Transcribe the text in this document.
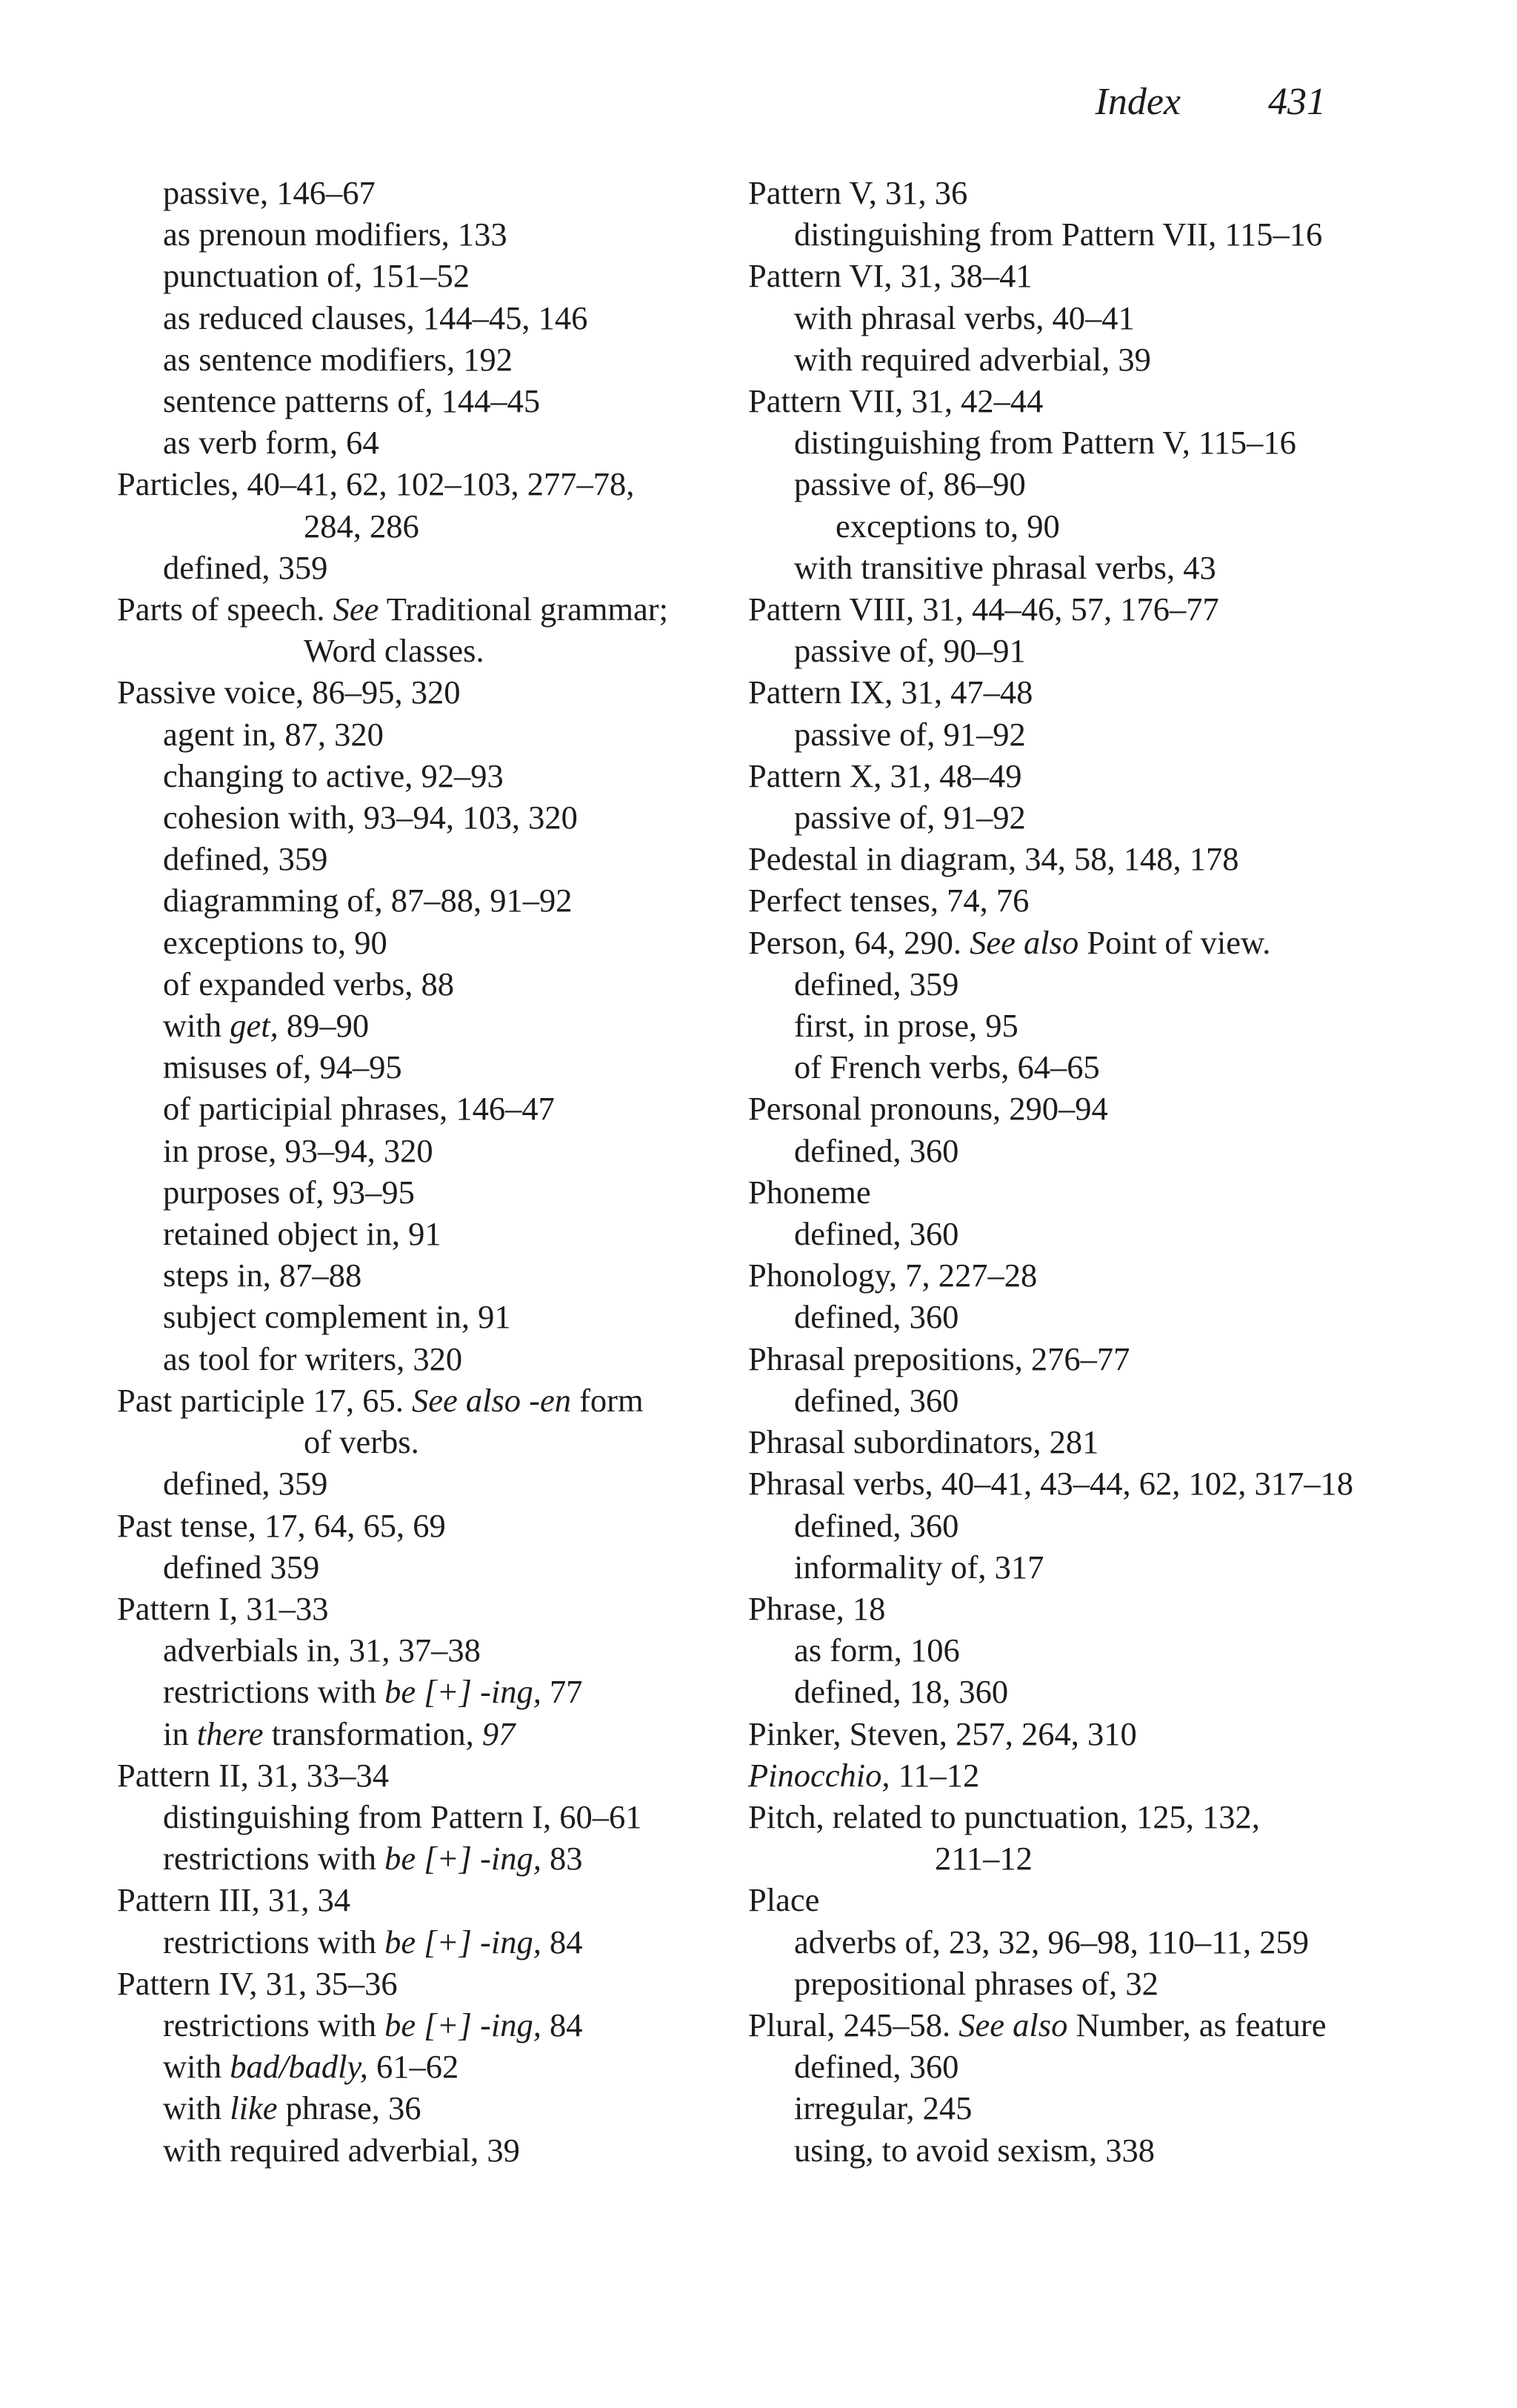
Index 431
passive, 146–67
as prenoun modifiers, 133
punctuation of, 151–52
as reduced clauses, 144–45, 146
as sentence modifiers, 192
sentence patterns of, 144–45
as verb form, 64
Particles, 40–41, 62, 102–103, 277–78,
284, 286
defined, 359
Parts of speech. See Traditional grammar;
Word classes.
Passive voice, 86–95, 320
agent in, 87, 320
changing to active, 92–93
cohesion with, 93–94, 103, 320
defined, 359
diagramming of, 87–88, 91–92
exceptions to, 90
of expanded verbs, 88
with get, 89–90
misuses of, 94–95
of participial phrases, 146–47
in prose, 93–94, 320
purposes of, 93–95
retained object in, 91
steps in, 87–88
subject complement in, 91
as tool for writers, 320
Past participle 17, 65. See also -en form
of verbs.
defined, 359
Past tense, 17, 64, 65, 69
defined 359
Pattern I, 31–33
adverbials in, 31, 37–38
restrictions with be [+] -ing, 77
in there transformation, 97
Pattern II, 31, 33–34
distinguishing from Pattern I, 60–61
restrictions with be [+] -ing, 83
Pattern III, 31, 34
restrictions with be [+] -ing, 84
Pattern IV, 31, 35–36
restrictions with be [+] -ing, 84
with bad/badly, 61–62
with like phrase, 36
with required adverbial, 39
Pattern V, 31, 36
distinguishing from Pattern VII, 115–16
Pattern VI, 31, 38–41
with phrasal verbs, 40–41
with required adverbial, 39
Pattern VII, 31, 42–44
distinguishing from Pattern V, 115–16
passive of, 86–90
exceptions to, 90
with transitive phrasal verbs, 43
Pattern VIII, 31, 44–46, 57, 176–77
passive of, 90–91
Pattern IX, 31, 47–48
passive of, 91–92
Pattern X, 31, 48–49
passive of, 91–92
Pedestal in diagram, 34, 58, 148, 178
Perfect tenses, 74, 76
Person, 64, 290. See also Point of view.
defined, 359
first, in prose, 95
of French verbs, 64–65
Personal pronouns, 290–94
defined, 360
Phoneme
defined, 360
Phonology, 7, 227–28
defined, 360
Phrasal prepositions, 276–77
defined, 360
Phrasal subordinators, 281
Phrasal verbs, 40–41, 43–44, 62, 102, 317–18
defined, 360
informality of, 317
Phrase, 18
as form, 106
defined, 18, 360
Pinker, Steven, 257, 264, 310
Pinocchio, 11–12
Pitch, related to punctuation, 125, 132,
211–12
Place
adverbs of, 23, 32, 96–98, 110–11, 259
prepositional phrases of, 32
Plural, 245–58. See also Number, as feature
defined, 360
irregular, 245
using, to avoid sexism, 338
